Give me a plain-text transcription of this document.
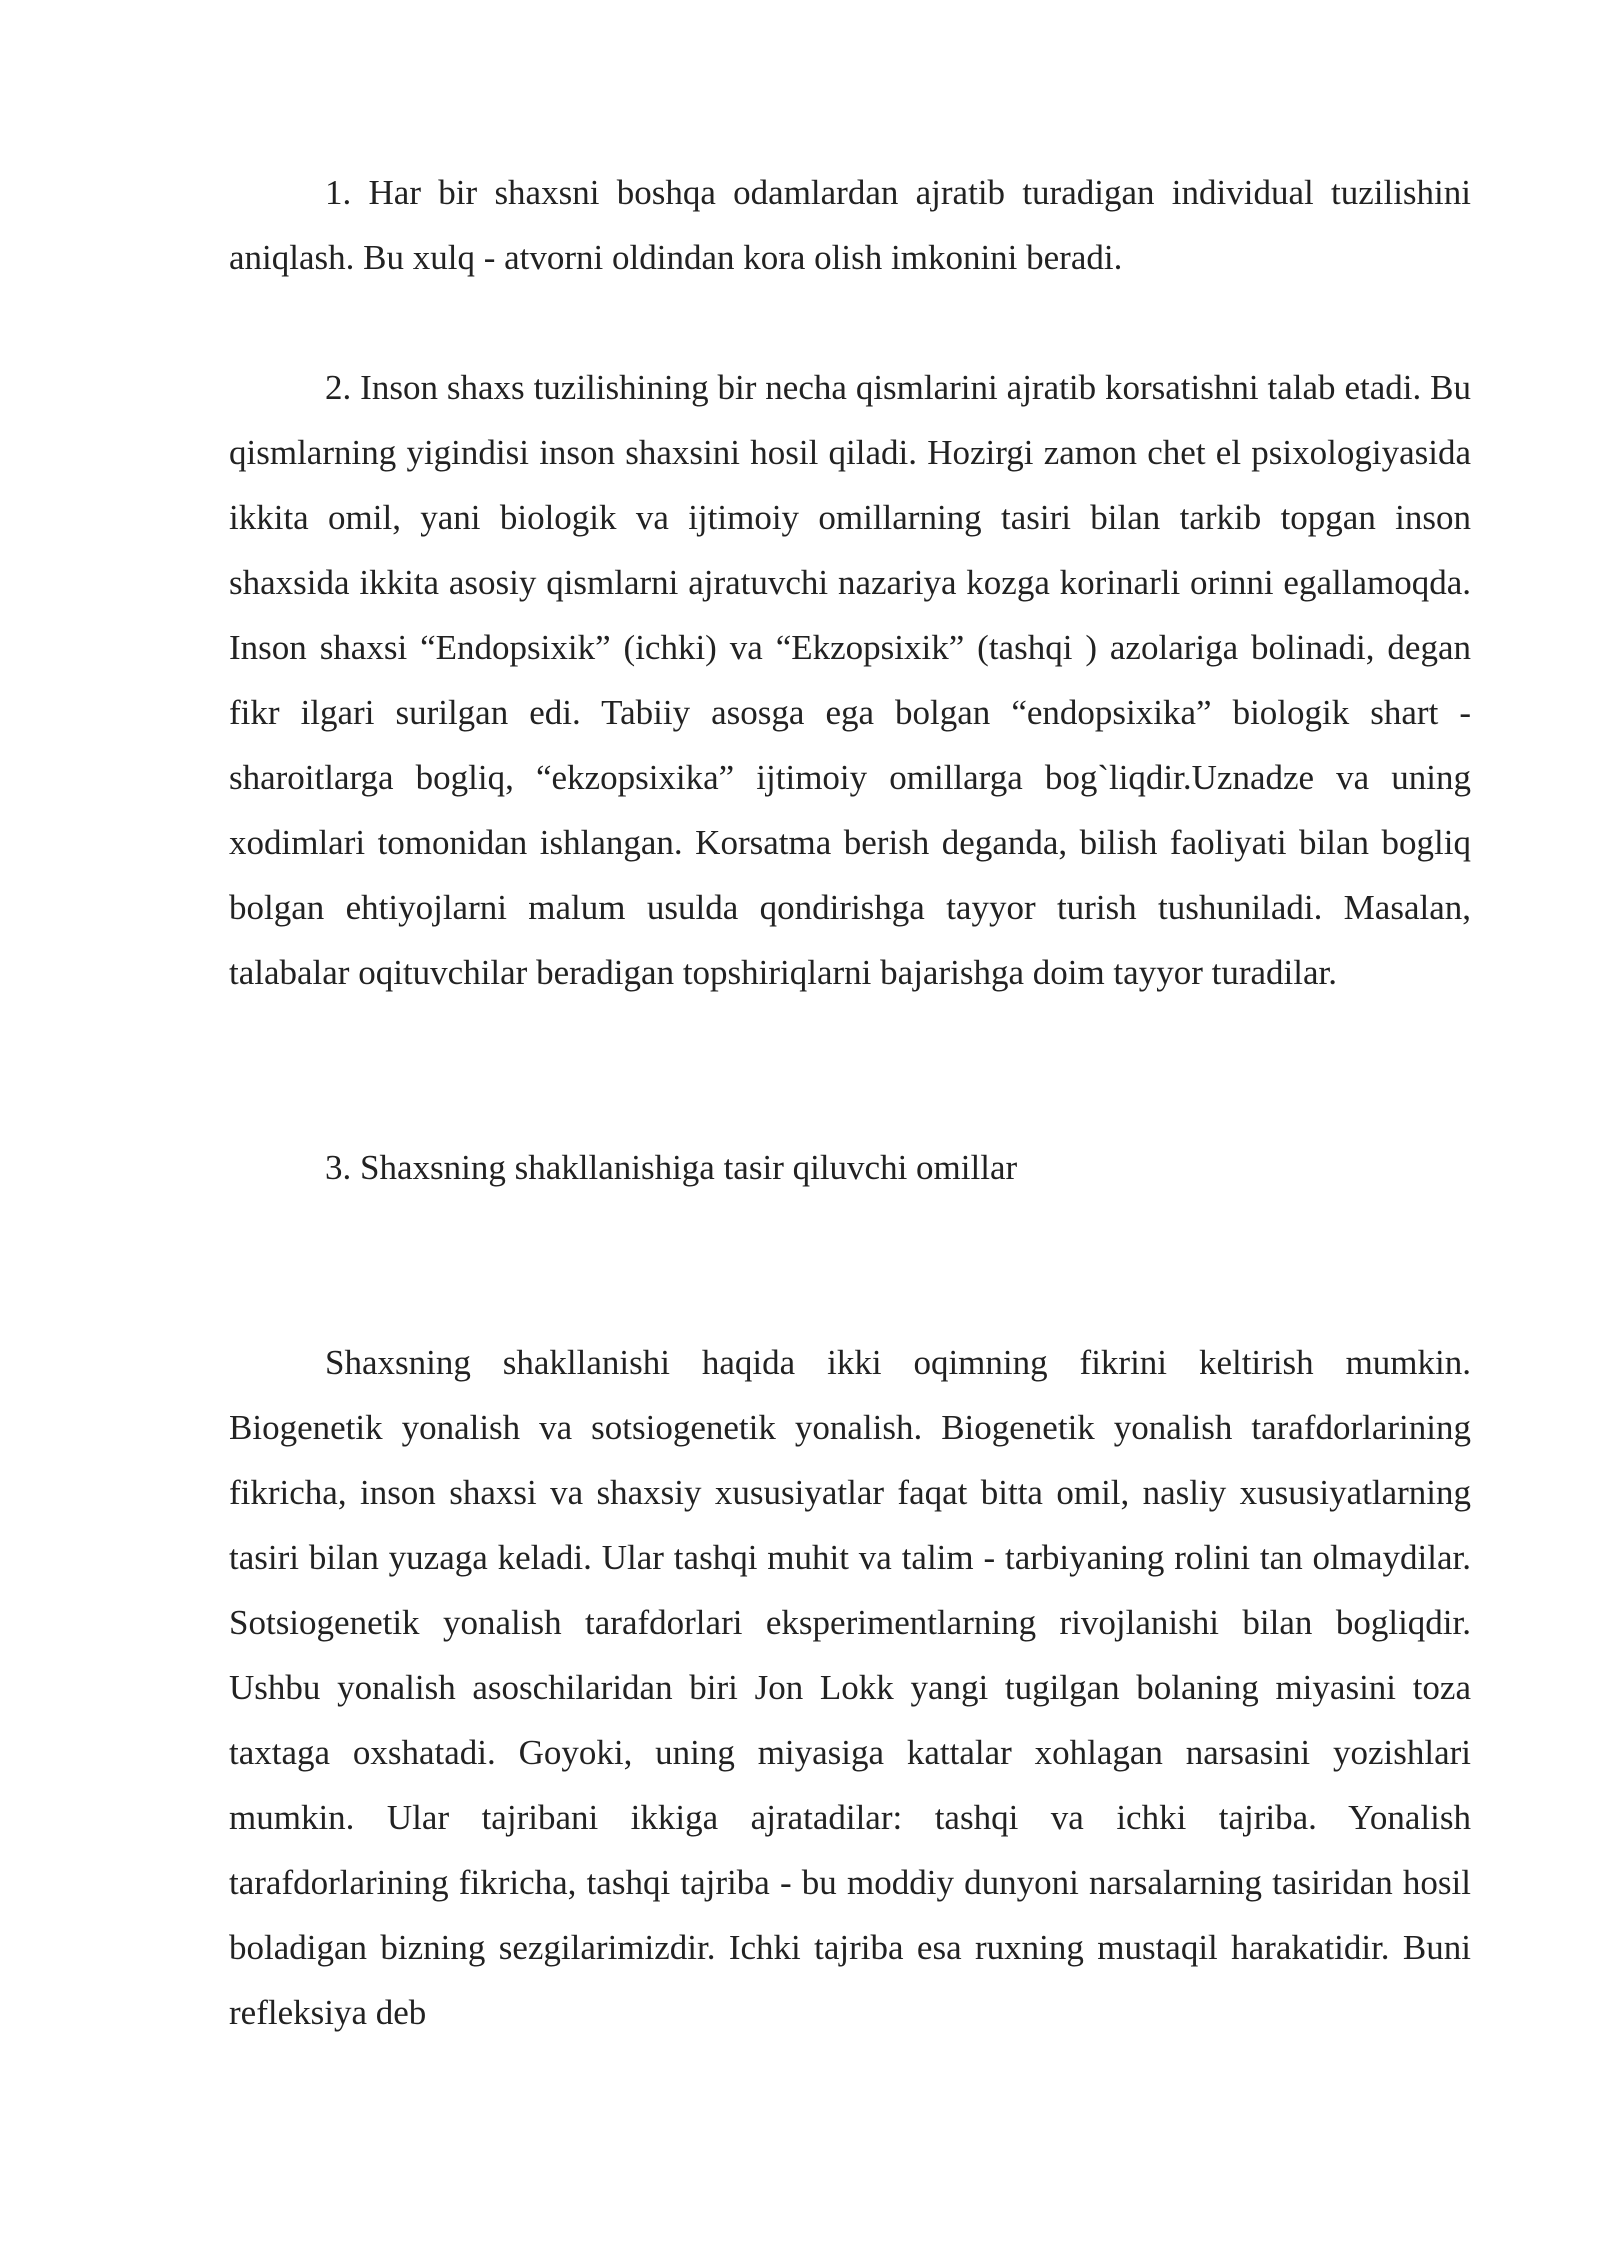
1. Har bir shaxsni boshqa odamlardan ajratib turadigan individual tuzilishini aniqlash. Bu xulq - atvorni oldindan kora olish imkonini beradi.

2. Inson shaxs tuzilishining bir necha qismlarini ajratib korsatishni talab etadi. Bu qismlarning yigindisi inson shaxsini hosil qiladi. Hozirgi zamon chet el psixologiyasida ikkita omil, yani biologik va ijtimoiy omillarning tasiri bilan tarkib topgan inson shaxsida ikkita asosiy qismlarni ajratuvchi nazariya kozga korinarli orinni egallamoqda. Inson shaxsi “Endopsixik” (ichki) va “Ekzopsixik” (tashqi ) azolariga bolinadi, degan fikr ilgari surilgan edi. Tabiiy asosga ega bolgan “endopsixika” biologik shart - sharoitlarga bogliq, “ekzopsixika” ijtimoiy omillarga bog`liqdir.Uznadze va uning xodimlari tomonidan ishlangan. Korsatma berish deganda, bilish faoliyati bilan bogliq bolgan ehtiyojlarni malum usulda qondirishga tayyor turish tushuniladi. Masalan, talabalar oqituvchilar beradigan topshiriqlarni bajarishga doim tayyor turadilar.

3. Shaxsning shakllanishiga tasir qiluvchi omillar

Shaxsning shakllanishi haqida ikki oqimning fikrini keltirish mumkin. Biogenetik yonalish va sotsiogenetik yonalish. Biogenetik yonalish tarafdorlarining fikricha, inson shaxsi va shaxsiy xususiyatlar faqat bitta omil, nasliy xususiyatlarning tasiri bilan yuzaga keladi. Ular tashqi muhit va talim - tarbiyaning rolini tan olmaydilar. Sotsiogenetik yonalish tarafdorlari eksperimentlarning rivojlanishi bilan bogliqdir. Ushbu yonalish asoschilaridan biri Jon Lokk yangi tugilgan bolaning miyasini toza taxtaga oxshatadi. Goyoki, uning miyasiga kattalar xohlagan narsasini yozishlari mumkin. Ular tajribani ikkiga ajratadilar: tashqi va ichki tajriba. Yonalish tarafdorlarining fikricha, tashqi tajriba - bu moddiy dunyoni narsalarning tasiridan hosil boladigan bizning sezgilarimizdir. Ichki tajriba esa ruxning mustaqil harakatidir. Buni refleksiya deb
